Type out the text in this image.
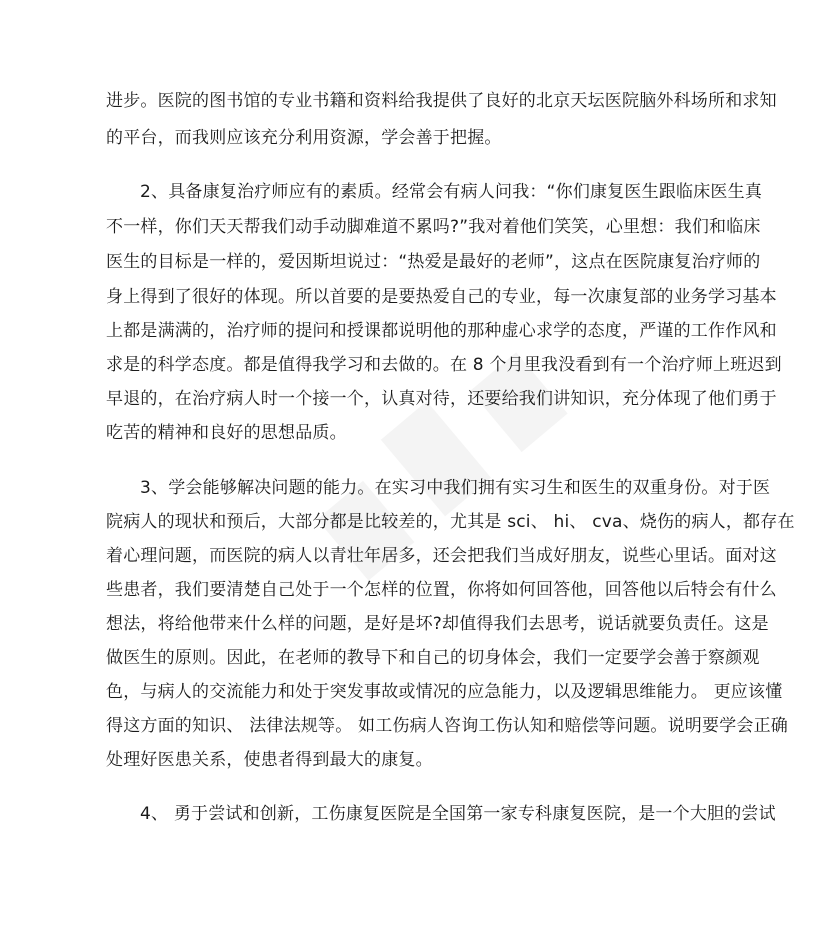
进步。医院的图书馆的专业书籍和资料给我提供了良好的北京天坛医院脑外科场所和求知
的平台，而我则应该充分利用资源，学会善于把握。
2、具备康复治疗师应有的素质。经常会有病人问我：“你们康复医生跟临床医生真
不一样，你们天天帮我们动手动脚难道不累吗?”我对着他们笑笑，心里想：我们和临床
医生的目标是一样的，爱因斯坦说过：“热爱是最好的老师”，这点在医院康复治疗师的
身上得到了很好的体现。所以首要的是要热爱自己的专业，每一次康复部的业务学习基本
上都是满满的，治疗师的提问和授课都说明他的那种虚心求学的态度，严谨的工作作风和
求是的科学态度。都是值得我学习和去做的。在 8 个月里我没看到有一个治疗师上班迟到
早退的，在治疗病人时一个接一个，认真对待，还要给我们讲知识，充分体现了他们勇于
吃苦的精神和良好的思想品质。
3、学会能够解决问题的能力。在实习中我们拥有实习生和医生的双重身份。对于医
院病人的现状和预后，大部分都是比较差的，尤其是 sci、 hi、 cva、烧伤的病人，都存在
着心理问题，而医院的病人以青壮年居多，还会把我们当成好朋友，说些心里话。面对这
些患者，我们要清楚自己处于一个怎样的位置，你将如何回答他，回答他以后特会有什么
想法，将给他带来什么样的问题，是好是坏?却值得我们去思考，说话就要负责任。这是
做医生的原则。因此，在老师的教导下和自己的切身体会，我们一定要学会善于察颜观
色，与病人的交流能力和处于突发事故或情况的应急能力，以及逻辑思维能力。 更应该懂
得这方面的知识、 法律法规等。 如工伤病人咨询工伤认知和赔偿等问题。说明要学会正确
处理好医患关系，使患者得到最大的康复。
4、 勇于尝试和创新，工伤康复医院是全国第一家专科康复医院，是一个大胆的尝试
